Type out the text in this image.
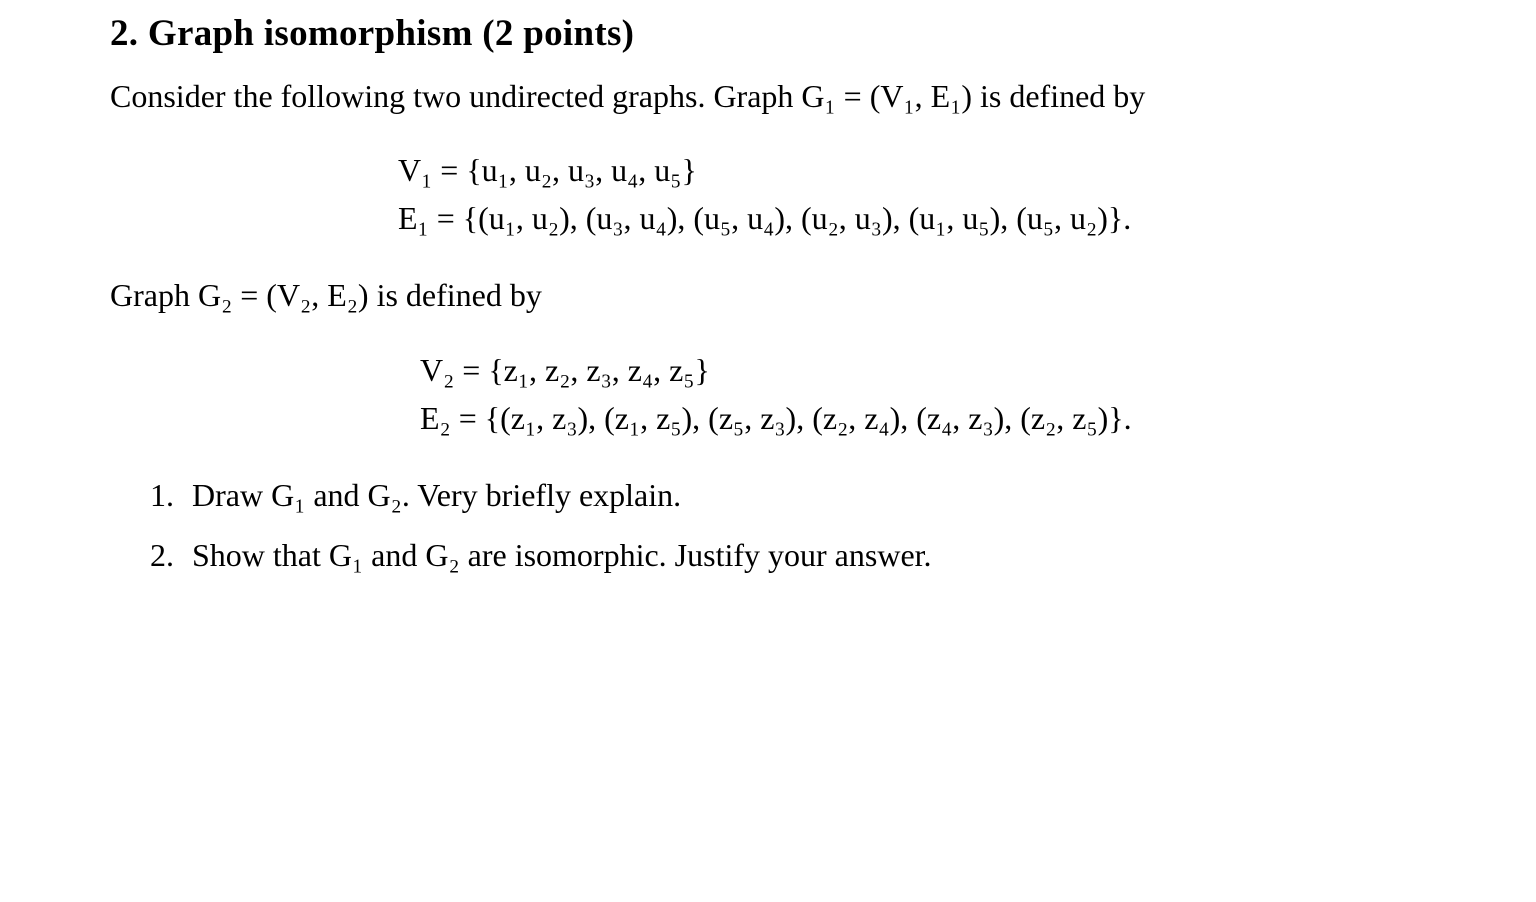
2. Graph isomorphism (2 points)
Consider the following two undirected graphs. Graph G₁ = (V₁, E₁) is defined by
V₁ = {u₁, u₂, u₃, u₄, u₅}
E₁ = {(u₁, u₂), (u₃, u₄), (u₅, u₄), (u₂, u₃), (u₁, u₅), (u₅, u₂)}.
Graph G₂ = (V₂, E₂) is defined by
V₂ = {z₁, z₂, z₃, z₄, z₅}
E₂ = {(z₁, z₃), (z₁, z₅), (z₅, z₃), (z₂, z₄), (z₄, z₃), (z₂, z₅)}.
1. Draw G₁ and G₂. Very briefly explain.
2. Show that G₁ and G₂ are isomorphic. Justify your answer.
